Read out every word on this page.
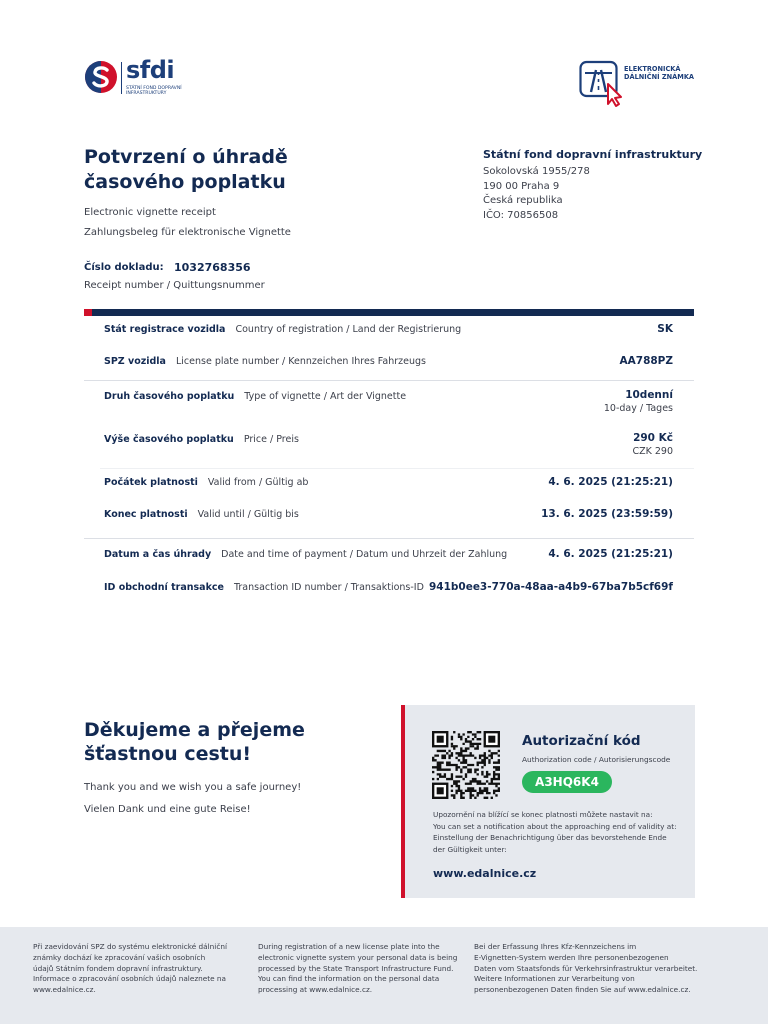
sfdi
STÁTNÍ FOND DOPRAVNÍ INFRASTRUKTURY
ELEKTRONICKÁ
DÁLNIČNÍ ZNÁMKA
Potvrzení o úhradě
časového poplatku
Electronic vignette receipt
Zahlungsbeleg für elektronische Vignette
Číslo dokladu: 1032768356
Receipt number / Quittungsnummer
Státní fond dopravní infrastruktury
Sokolovská 1955/278
190 00 Praha 9
Česká republika
IČO: 70856508
Stát registrace vozidla Country of registration / Land der Registrierung	SK
SPZ vozidla License plate number / Kennzeichen Ihres Fahrzeugs	AA788PZ
Druh časového poplatku Type of vignette / Art der Vignette	10denní
10-day / Tages
Výše časového poplatku Price / Preis	290 Kč
CZK 290
Počátek platnosti Valid from / Gültig ab	4. 6. 2025 (21:25:21)
Konec platnosti Valid until / Gültig bis	13. 6. 2025 (23:59:59)
Datum a čas úhrady Date and time of payment / Datum und Uhrzeit der Zahlung	4. 6. 2025 (21:25:21)
ID obchodní transakce Transaction ID number / Transaktions-ID 941b0ee3-770a-48aa-a4b9-67ba7b5cf69f
Děkujeme a přejeme
šťastnou cestu!
Thank you and we wish you a safe journey!
Vielen Dank und eine gute Reise!
Autorizační kód
Authorization code / Autorisierungscode
A3HQ6K4
Upozornění na blížící se konec platnosti můžete nastavit na:
You can set a notification about the approaching end of validity at:
Einstellung der Benachrichtigung über das bevorstehende Ende
der Gültigkeit unter:
www.edalnice.cz
Při zaevidování SPZ do systému elektronické dálniční
známky dochází ke zpracování vašich osobních
údajů Státním fondem dopravní infrastruktury.
Informace o zpracování osobních údajů naleznete na
www.edalnice.cz.
During registration of a new license plate into the
electronic vignette system your personal data is being
processed by the State Transport Infrastructure Fund.
You can find the information on the personal data
processing at www.edalnice.cz.
Bei der Erfassung Ihres Kfz-Kennzeichens im
E-Vignetten-System werden Ihre personenbezogenen
Daten vom Staatsfonds für Verkehrsinfrastruktur verarbeitet.
Weitere Informationen zur Verarbeitung von
personenbezogenen Daten finden Sie auf www.edalnice.cz.
